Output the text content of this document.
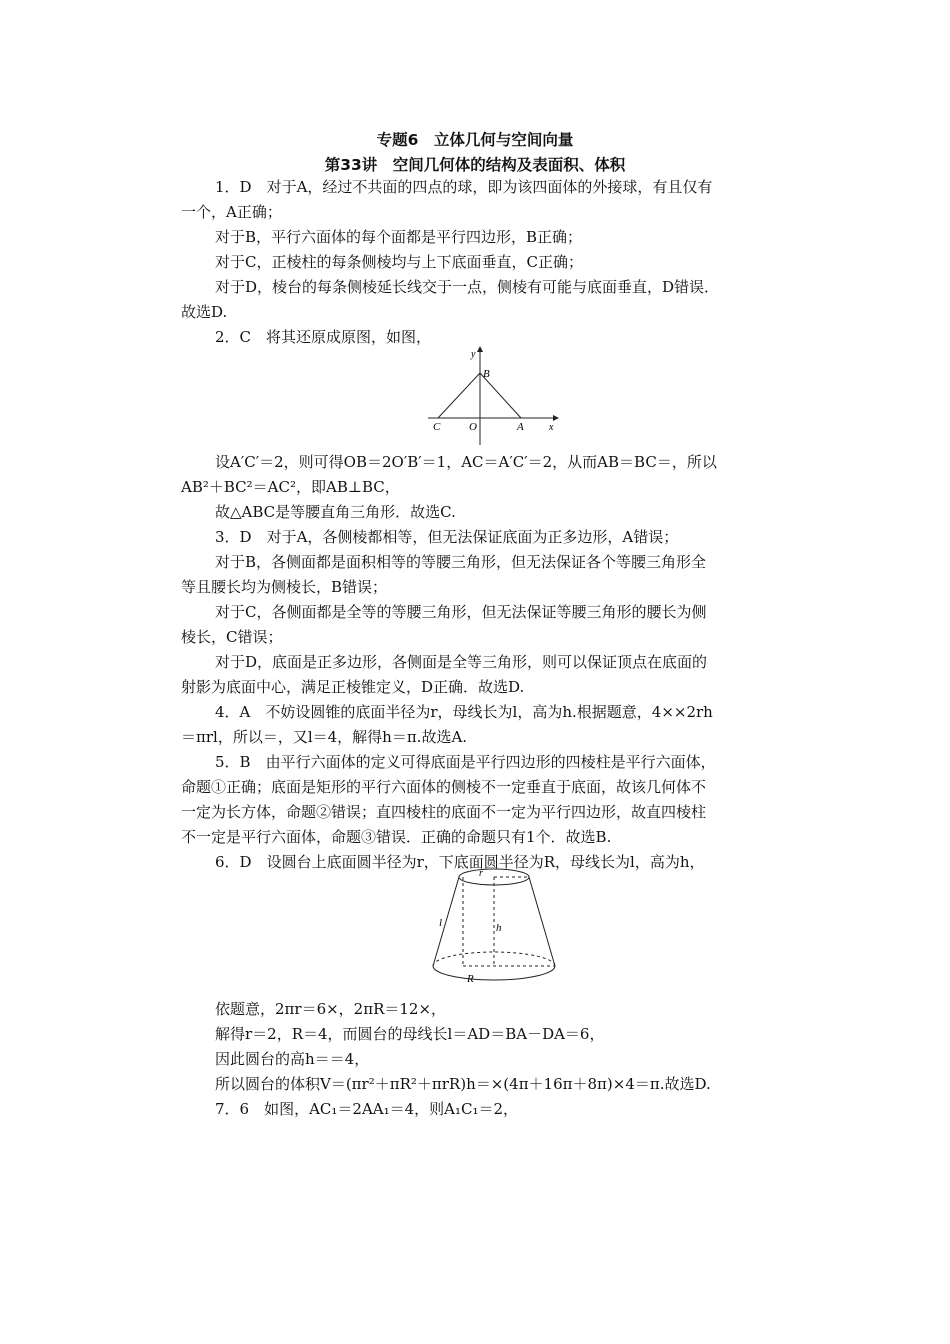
专题6　立体几何与空间向量
第33讲　空间几何体的结构及表面积、体积
1．D　对于A，经过不共面的四点的球，即为该四面体的外接球，有且仅有
一个，A正确；
对于B，平行六面体的每个面都是平行四边形，B正确；
对于C，正棱柱的每条侧棱均与上下底面垂直，C正确；
对于D，棱台的每条侧棱延长线交于一点，侧棱有可能与底面垂直，D错误．
故选D.
2．C　将其还原成原图，如图，
y
B
C	O	A	x
设A′C′＝2，则可得OB＝2O′B′＝1，AC＝A′C′＝2，从而AB＝BC＝，所以
AB²＋BC²＝AC²，即AB⊥BC，
故△ABC是等腰直角三角形．故选C.
3．D　对于A，各侧棱都相等，但无法保证底面为正多边形，A错误；
对于B，各侧面都是面积相等的等腰三角形，但无法保证各个等腰三角形全
等且腰长均为侧棱长，B错误；
对于C，各侧面都是全等的等腰三角形，但无法保证等腰三角形的腰长为侧
棱长，C错误；
对于D，底面是正多边形，各侧面是全等三角形，则可以保证顶点在底面的
射影为底面中心，满足正棱锥定义，D正确．故选D.
4．A　不妨设圆锥的底面半径为r，母线长为l，高为h.根据题意，4××2rh
＝πrl，所以＝，又l＝4，解得h＝π.故选A.
5．B　由平行六面体的定义可得底面是平行四边形的四棱柱是平行六面体，
命题①正确；底面是矩形的平行六面体的侧棱不一定垂直于底面，故该几何体不
一定为长方体，命题②错误；直四棱柱的底面不一定为平行四边形，故直四棱柱
不一定是平行六面体，命题③错误．正确的命题只有1个．故选B.
6．D　设圆台上底面圆半径为r，下底面圆半径为R，母线长为l，高为h，
r
l	h
R
依题意，2πr＝6×，2πR＝12×，
解得r＝2，R＝4，而圆台的母线长l＝AD＝BA－DA＝6，
因此圆台的高h＝＝4，
所以圆台的体积V＝(πr²＋πR²＋πrR)h＝×(4π＋16π＋8π)×4＝π.故选D.
7．6　如图，AC₁＝2AA₁＝4，则A₁C₁＝2，
